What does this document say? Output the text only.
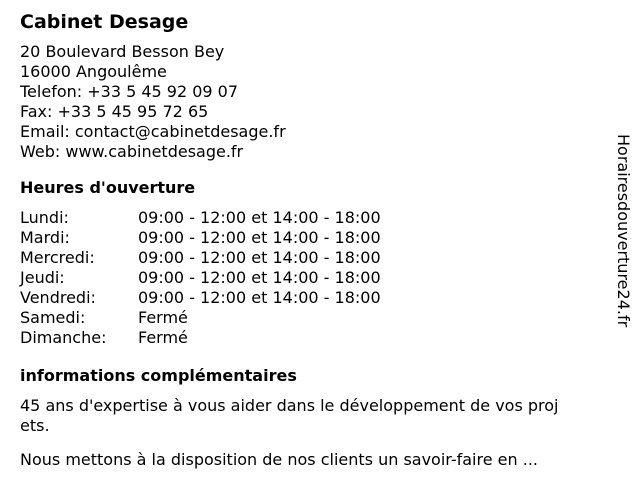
Cabinet Desage
20 Boulevard Besson Bey
16000 Angoulême
Telefon: +33 5 45 92 09 07
Fax: +33 5 45 95 72 65
Email: contact@cabinetdesage.fr
Web: www.cabinetdesage.fr
Heures d'ouverture
Lundi:	09:00 - 12:00 et 14:00 - 18:00
Mardi:	09:00 - 12:00 et 14:00 - 18:00
Mercredi:	09:00 - 12:00 et 14:00 - 18:00
Jeudi:	09:00 - 12:00 et 14:00 - 18:00
Vendredi:	09:00 - 12:00 et 14:00 - 18:00
Samedi:	Fermé
Dimanche:	Fermé
informations complémentaires

45 ans d'expertise à vous aider dans le développement de vos proj
ets.

Nous mettons à la disposition de nos clients un savoir-faire en ...

Horairesdouverture24.fr
